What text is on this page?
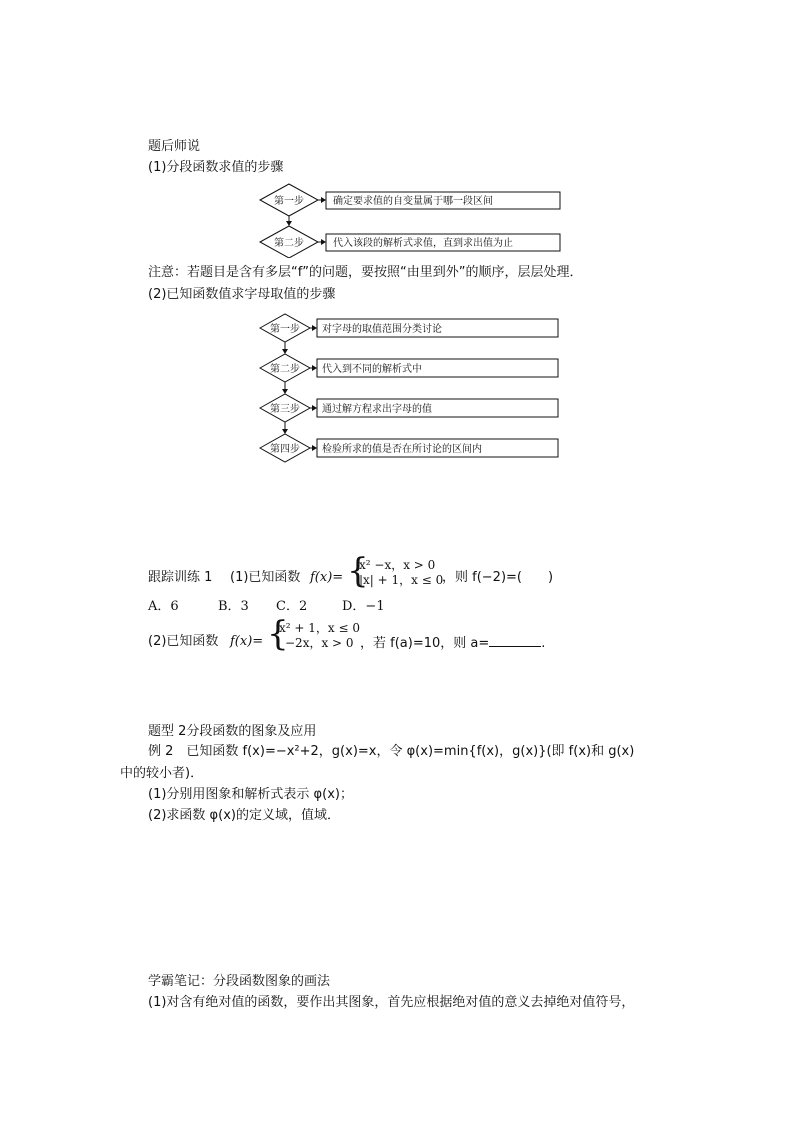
题后师说
(1)分段函数求值的步骤
第一步	确定要求值的自变量属于哪一段区间
第二步	代入该段的解析式求值，直到求出值为止
注意：若题目是含有多层“f”的问题，要按照“由里到外”的顺序，层层处理．
(2)已知函数值求字母取值的步骤
第一步 对字母的取值范围分类讨论
第二步 代入到不同的解析式中
第三步 通过解方程求出字母的值
第四步 检验所求的值是否在所讨论的区间内
跟踪训练 1 (1)已知函数 f(x)= {
x² −x，x > 0
|x| + 1，x ≤ 0
，则 f(−2)=(　　)
A．6	B．3 C．2	D．−1
(2)已知函数 f(x)= {
x² + 1，x ≤ 0
−2x，x > 0 ，若 f(a)=10，则 a=	.
题型 2分段函数的图象及应用
例 2　已知函数 f(x)=−x²+2，g(x)=x，令 φ(x)=min{f(x)，g(x)}(即 f(x)和 g(x)
中的较小者)．
(1)分别用图象和解析式表示 φ(x)；
(2)求函数 φ(x)的定义域，值域．
学霸笔记：分段函数图象的画法
(1)对含有绝对值的函数，要作出其图象，首先应根据绝对值的意义去掉绝对值符号，
